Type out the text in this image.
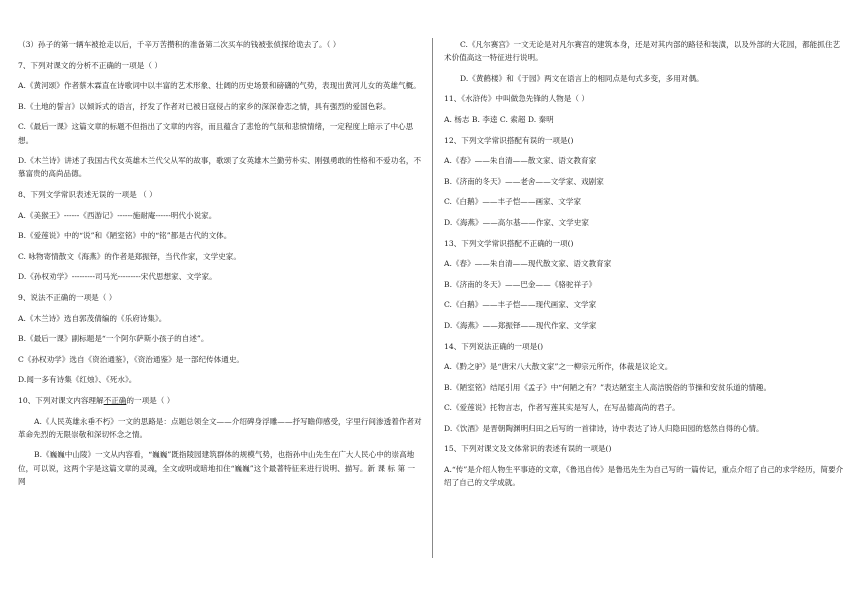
（3）孙子的第一辆车被抢走以后，千辛万苦攒积的准备第二次买车的钱被张侦探给诡去了。（ ）

7、下列对课文的分析不正确的一项是（ ）

A.《黄河颂》作者蔡木霖直在诗歌词中以丰富的艺术形象、壮阔的历史场景和磅礴的气势，表现出黄河儿女的英雄气概。

B.《土地的誓言》以倾诉式的语言，抒发了作者对已被日寇侵占的家乡的深深眷恋之情，具有强烈的爱国色彩。

C.《最后一课》这篇文章的标题不但指出了文章的内容，而且蕴含了悲怆的气氛和悲愤情绪，一定程度上暗示了中心思想。

D.《木兰诗》讲述了我国古代女英雄木兰代父从军的故事，歌颂了女英雄木兰勤劳朴实、刚强勇敢的性格和不爱功名，不慕富贵的高尚品德。

8、下列文学常识表述无误的一项是 （ ）

A.《美猴王》------《西游记》------施耐庵------明代小说家。

B.《爱莲说》中的“说”和《陋室铭》中的“铭”都是古代的文体。

C. 咏物寄情散文《海燕》的作者是郑振铎，当代作家，文学史家。

D.《孙权劝学》---------司马光---------宋代思想家、文学家。

9、说法不正确的一项是（ ）

A.《木兰诗》选自郭茂倩编的《乐府诗集》。

B.《最后一课》副标题是“一个阿尔萨斯小孩子的自述”。

C《孙权劝学》选自《资治通鉴》，《资治通鉴》是一部纪传体通史。

D.闻一多有诗集《红烛》、《死水》。

10、下列对课文内容理解不正确的一项是（ ）

A.《人民英雄永垂不朽》一文的思路是：点题总领全文——介绍碑身浮雕——抒写瞻仰感受，字里行间渗透着作者对革命先烈的无限崇敬和深切怀念之情。

B.《巍巍中山陵》一文从内容看，“巍巍”既指陵园建筑群体的规模气势，也指孙中山先生在广大人民心中的崇高地位，可以说，这两个字是这篇文章的灵魂，全文或明或暗地扣住“巍巍”这个最著特征来进行说明、描写。新 课 标 第 一网

C.《凡尔赛宫》一文无论是对凡尔赛宫的建筑本身，还是对其内部的路径和装潢，以及外部的大花园，都能抓住艺术价值高这一特征进行说明。

D.《黄鹤楼》和《于园》两文在语言上的相同点是句式多变，多用对偶。

11、《水浒传》中叫做急先锋的人物是（ ）

A. 杨志 B. 李逵 C. 索超 D. 秦明

12、下列文学常识搭配有误的一项是()

A.《春》——朱自清——散文家、语文教育家

B.《济南的冬天》——老舍——文学家、戏剧家

C.《白鹅》——丰子恺——画家、文学家

D.《海燕》——高尔基——作家、文学史家

13、下列文学常识搭配不正确的一项()

A.《春》——朱自清——现代散文家、语文教育家

B.《济南的冬天》——巴金——《骆驼祥子》

C.《白鹅》——丰子恺——现代画家、文学家

D.《海燕》——郑振铎——现代作家、文学家

14、下列说法正确的一项是()

A.《黔之驴》是“唐宋八大散文家”之一柳宗元所作，体裁是议论文。

B.《陋室铭》结尾引用《孟子》中“何陋之有？”表达陋室主人高洁脱俗的节操和安贫乐道的情趣。

C.《爱莲说》托物言志，作者写莲其实是写人，在写品德高尚的君子。

D.《饮酒》是晋朝陶渊明归田之后写的一首律诗，诗中表达了诗人归隐田园的悠然自得的心情。

15、下列对课文及文体常识的表述有误的一项是()

A.“传”是介绍人物生平事迹的文章，《鲁迅自传》是鲁迅先生为自己写的一篇传记，重点介绍了自己的求学经历，简要介绍了自己的文学成就。
